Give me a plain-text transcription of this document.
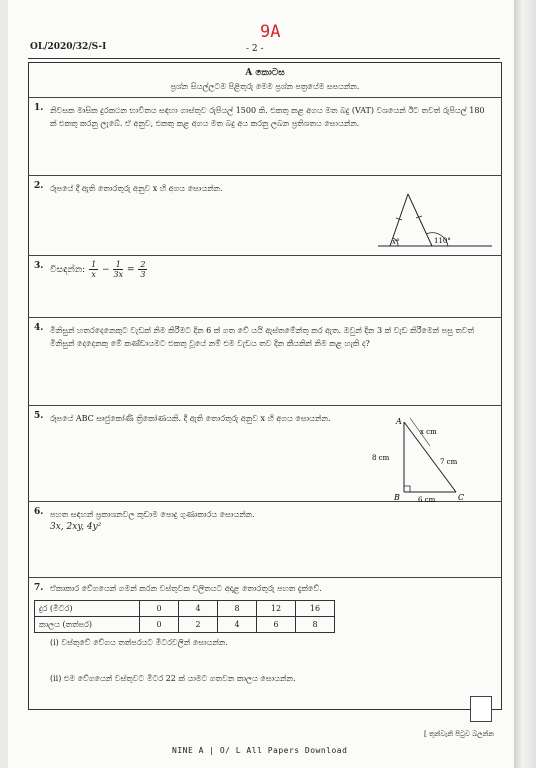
9A
OL/2020/32/S-I	- 2 -
A කොටස
ප්‍රශ්න සියල්ලටම පිළිතුරු මෙම ප්‍රශ්න පත්‍රයේම සපයන්න.
1. නිවසක මාසික දුරකථන භාවිතය සඳහා ගාස්තුව රුපියල් 1500 කි. එකතු කළ අගය මත බදු (VAT) වශයෙන් ඊට තවත් රුපියල් 180 ක් එකතු කරනු ලැබේ. ඒ අනුව, එකතු කළ අගය මත බදු අය කරනු ලබන ප්‍රතිශතය සොයන්න.
2. රූපයේ දී ඇති තොරතුරු අනුව x හි අගය සොයන්න.
x°	110°
3. විසඳන්න: $\frac{1}{x} - \frac{1}{3x} = \frac{2}{3}$
4. මිනිසුන් හතරදෙනෙකුට වැඩක් නිම කිරීමට දින 6 ක් ගත වේ යයි ඇස්තමේන්තු කර ඇත. ඔවුන් දින 3 ක් වැඩ කිරීමෙන් පසු තවත් මිනිසුන් දෙදෙනකු මේ කණ්ඩායමට එකතු වූයේ නම් එම වැඩය තව දින කීයකින් නිම කළ හැකි ද?
5. රූපයේ ABC සෘජුකෝණී ත්‍රිකෝණයකි. දී ඇති තොරතුරු අනුව x හි අගය සොයන්න.	A
B	C
x cm
8 cm	7 cm
6 cm
6. පහත සඳහන් ප්‍රකාශනවල කුඩාම පොදු ගුණාකාරය සොයන්න.
3x, 2xy, 4y²
7. ඒකාකාර වේගයෙන් ගමන් කරන වස්තුවක චලිතයට අදාළ තොරතුරු පහත දැක්වේ.
දුර (මීටර)	0	4	8	12	16
කාලය (තත්පර)	0	2	4	6	8
(i) වස්තුවේ වේගය තත්පරයට මීටරවලින් සොයන්න.
(ii) එම වේගයෙන් වස්තුවට මීටර 22 ක් යාමට ගතවන කාලය සොයන්න.
[ තුන්වැනි පිටුව බලන්න
NINE A | O/ L All Papers Download
